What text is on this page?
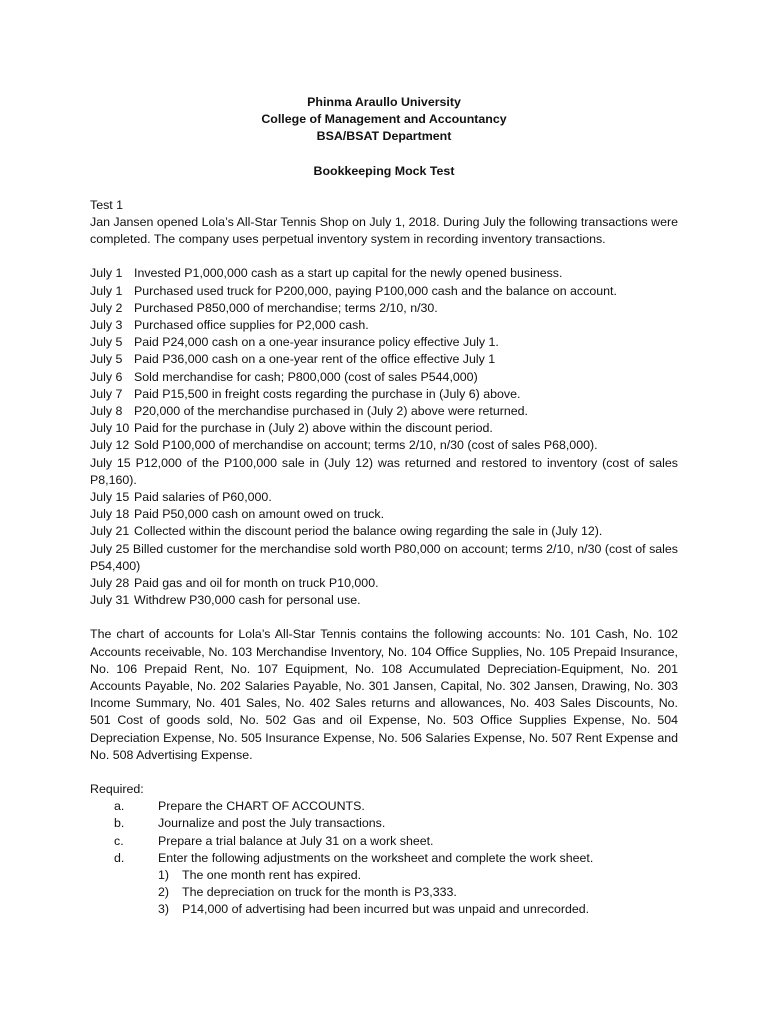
Phinma Araullo University
College of Management and Accountancy
BSA/BSAT Department
Bookkeeping Mock Test
Test 1
Jan Jansen opened Lola’s All-Star Tennis Shop on July 1, 2018. During July the following transactions were completed. The company uses perpetual inventory system in recording inventory transactions.
July 1 Invested P1,000,000 cash as a start up capital for the newly opened business.
July 1 Purchased used truck for P200,000, paying P100,000 cash and the balance on account.
July 2 Purchased P850,000 of merchandise; terms 2/10, n/30.
July 3 Purchased office supplies for P2,000 cash.
July 5 Paid P24,000 cash on a one-year insurance policy effective July 1.
July 5 Paid P36,000 cash on a one-year rent of the office effective July 1
July 6 Sold merchandise for cash; P800,000 (cost of sales P544,000)
July 7 Paid P15,500 in freight costs regarding the purchase in (July 6) above.
July 8 P20,000 of the merchandise purchased in (July 2) above were returned.
July 10 Paid for the purchase in (July 2) above within the discount period.
July 12 Sold P100,000 of merchandise on account; terms 2/10, n/30 (cost of sales P68,000).
July 15 P12,000 of the P100,000 sale in (July 12) was returned and restored to inventory (cost of sales P8,160).
July 15 Paid salaries of P60,000.
July 18 Paid P50,000 cash on amount owed on truck.
July 21 Collected within the discount period the balance owing regarding the sale in (July 12).
July 25 Billed customer for the merchandise sold worth P80,000 on account; terms 2/10, n/30 (cost of sales P54,400)
July 28 Paid gas and oil for month on truck P10,000.
July 31 Withdrew P30,000 cash for personal use.
The chart of accounts for Lola’s All-Star Tennis contains the following accounts: No. 101 Cash, No. 102 Accounts receivable, No. 103 Merchandise Inventory, No. 104 Office Supplies, No. 105 Prepaid Insurance, No. 106 Prepaid Rent, No. 107 Equipment, No. 108 Accumulated Depreciation-Equipment, No. 201 Accounts Payable, No. 202 Salaries Payable, No. 301 Jansen, Capital, No. 302 Jansen, Drawing, No. 303 Income Summary, No. 401 Sales, No. 402 Sales returns and allowances, No. 403 Sales Discounts, No. 501 Cost of goods sold, No. 502 Gas and oil Expense, No. 503 Office Supplies Expense, No. 504 Depreciation Expense, No. 505 Insurance Expense, No. 506 Salaries Expense, No. 507 Rent Expense and No. 508 Advertising Expense.
Required:
a.	Prepare the CHART OF ACCOUNTS.
b.	Journalize and post the July transactions.
c.	Prepare a trial balance at July 31 on a work sheet.
d.	Enter the following adjustments on the worksheet and complete the work sheet.
1)	The one month rent has expired.
2)	The depreciation on truck for the month is P3,333.
3)	P14,000 of advertising had been incurred but was unpaid and unrecorded.
